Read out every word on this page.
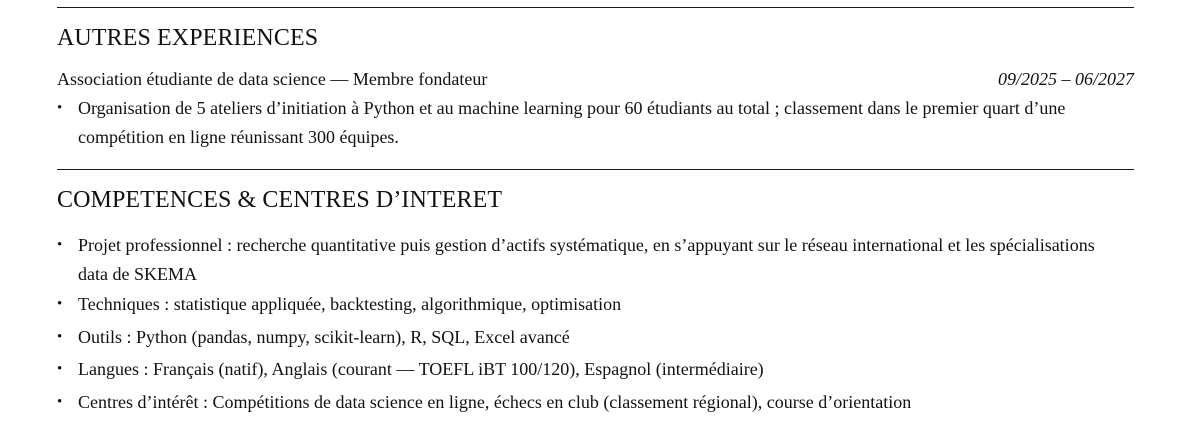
AUTRES EXPERIENCES
Association étudiante de data science — Membre fondateur	09/2025 – 06/2027
• Organisation de 5 ateliers d’initiation à Python et au machine learning pour 60 étudiants au total ; classement dans le premier quart d’une compétition en ligne réunissant 300 équipes.
COMPETENCES & CENTRES D’INTERET
• Projet professionnel : recherche quantitative puis gestion d’actifs systématique, en s’appuyant sur le réseau international et les spécialisations data de SKEMA
• Techniques : statistique appliquée, backtesting, algorithmique, optimisation
• Outils : Python (pandas, numpy, scikit-learn), R, SQL, Excel avancé
• Langues : Français (natif), Anglais (courant — TOEFL iBT 100/120), Espagnol (intermédiaire)
• Centres d’intérêt : Compétitions de data science en ligne, échecs en club (classement régional), course d’orientation
